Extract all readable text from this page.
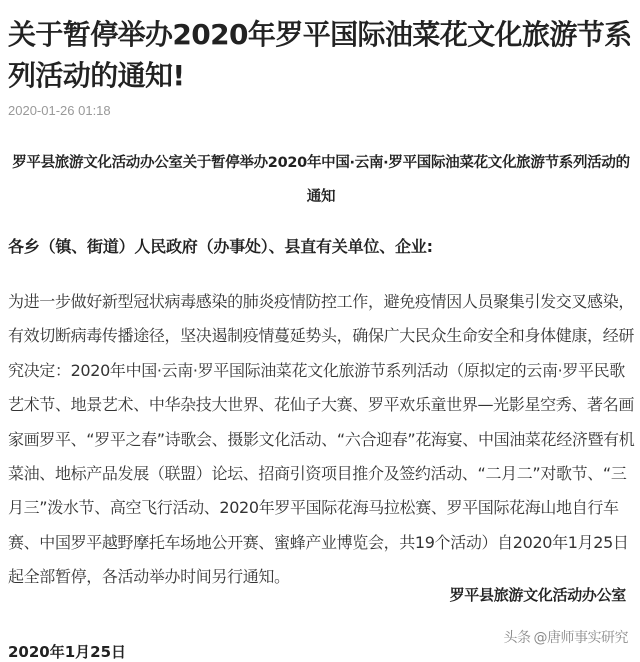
关于暂停举办2020年罗平国际油菜花文化旅游节系列活动的通知!
2020-01-26 01:18
罗平县旅游文化活动办公室关于暂停举办2020年中国·云南·罗平国际油菜花文化旅游节系列活动的通知
各乡（镇、街道）人民政府（办事处）、县直有关单位、企业:

为进一步做好新型冠状病毒感染的肺炎疫情防控工作，避免疫情因人员聚集引发交叉感染，有效切断病毒传播途径，坚决遏制疫情蔓延势头，确保广大民众生命安全和身体健康，经研究决定：2020年中国·云南·罗平国际油菜花文化旅游节系列活动（原拟定的云南·罗平民歌艺术节、地景艺术、中华杂技大世界、花仙子大赛、罗平欢乐童世界—光影星空秀、著名画家画罗平、“罗平之春”诗歌会、摄影文化活动、“六合迎春”花海宴、中国油菜花经济暨有机菜油、地标产品发展（联盟）论坛、招商引资项目推介及签约活动、“二月二”对歌节、“三月三”泼水节、高空飞行活动、2020年罗平国际花海马拉松赛、罗平国际花海山地自行车赛、中国罗平越野摩托车场地公开赛、蜜蜂产业博览会，共19个活动）自2020年1月25日起全部暂停，各活动举办时间另行通知。

罗平县旅游文化活动办公室
2020年1月25日
头条 @唐师事实研究
